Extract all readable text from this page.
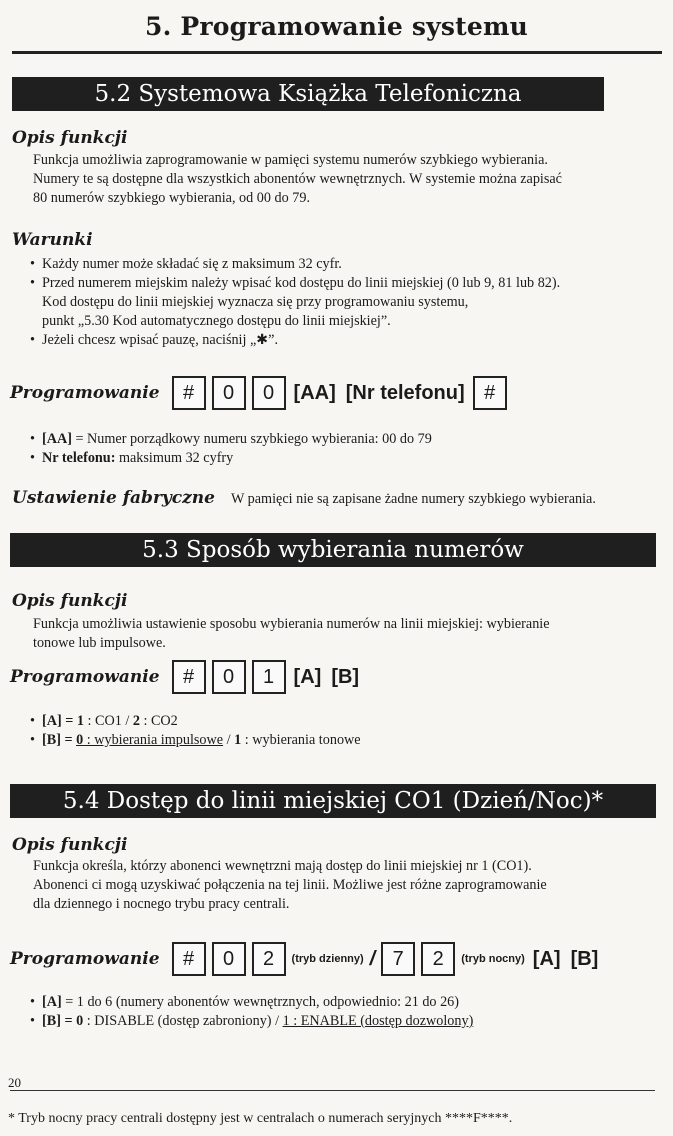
5. Programowanie systemu
5.2 Systemowa Książka Telefoniczna
Opis funkcji
Funkcja umożliwia zaprogramowanie w pamięci systemu numerów szybkiego wybierania.
Numery te są dostępne dla wszystkich abonentów wewnętrznych. W systemie można zapisać
80 numerów szybkiego wybierania, od 00 do 79.
Warunki
• Każdy numer może składać się z maksimum 32 cyfr.
• Przed numerem miejskim należy wpisać kod dostępu do linii miejskiej (0 lub 9, 81 lub 82).
Kod dostępu do linii miejskiej wyznacza się przy programowaniu systemu,
punkt „5.30 Kod automatycznego dostępu do linii miejskiej”.
• Jeżeli chcesz wpisać pauzę, naciśnij „✱”.
Programowanie	#	0	0 [AA] [Nr telefonu] #
• [AA] = Numer porządkowy numeru szybkiego wybierania: 00 do 79
• Nr telefonu: maksimum 32 cyfry
Ustawienie fabryczne W pamięci nie są zapisane żadne numery szybkiego wybierania.
5.3 Sposób wybierania numerów
Opis funkcji
Funkcja umożliwia ustawienie sposobu wybierania numerów na linii miejskiej: wybieranie
tonowe lub impulsowe.
Programowanie	#	0	1 [A] [B]
• [A] = 1 : CO1 / 2 : CO2
• [B] = 0 : wybierania impulsowe / 1 : wybierania tonowe
5.4 Dostęp do linii miejskiej CO1 (Dzień/Noc)*
Opis funkcji
Funkcja określa, którzy abonenci wewnętrzni mają dostęp do linii miejskiej nr 1 (CO1).
Abonenci ci mogą uzyskiwać połączenia na tej linii. Możliwe jest różne zaprogramowanie
dla dziennego i nocnego trybu pracy centrali.
Programowanie	#	0	2	(tryb dzienny) / 7	2	(tryb nocny) [A] [B]
• [A] = 1 do 6 (numery abonentów wewnętrznych, odpowiednio: 21 do 26)
• [B] = 0 : DISABLE (dostęp zabroniony) / 1 : ENABLE (dostęp dozwolony)
20
* Tryb nocny pracy centrali dostępny jest w centralach o numerach seryjnych ****F****.
